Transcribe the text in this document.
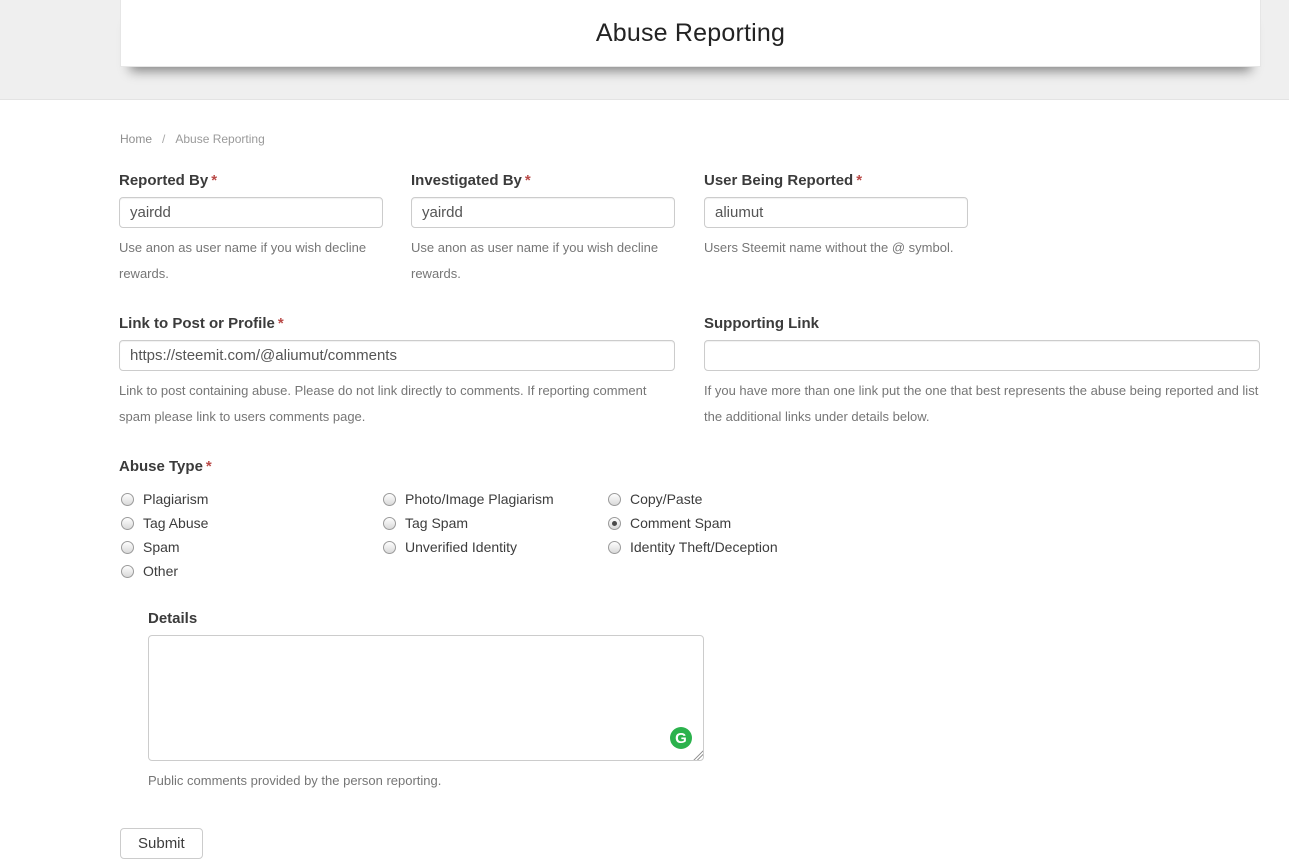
Abuse Reporting
Home / Abuse Reporting
Reported By *
yairdd
Use anon as user name if you wish decline rewards.
Investigated By *
yairdd
Use anon as user name if you wish decline rewards.
User Being Reported *
aliumut
Users Steemit name without the @ symbol.
Link to Post or Profile *
https://steemit.com/@aliumut/comments
Link to post containing abuse. Please do not link directly to comments. If reporting comment spam please link to users comments page.
Supporting Link
If you have more than one link put the one that best represents the abuse being reported and list the additional links under details below.
Abuse Type *
Plagiarism
Tag Abuse
Spam
Other
Photo/Image Plagiarism
Tag Spam
Unverified Identity
Copy/Paste
Comment Spam
Identity Theft/Deception
Details
G
Public comments provided by the person reporting.
Submit
